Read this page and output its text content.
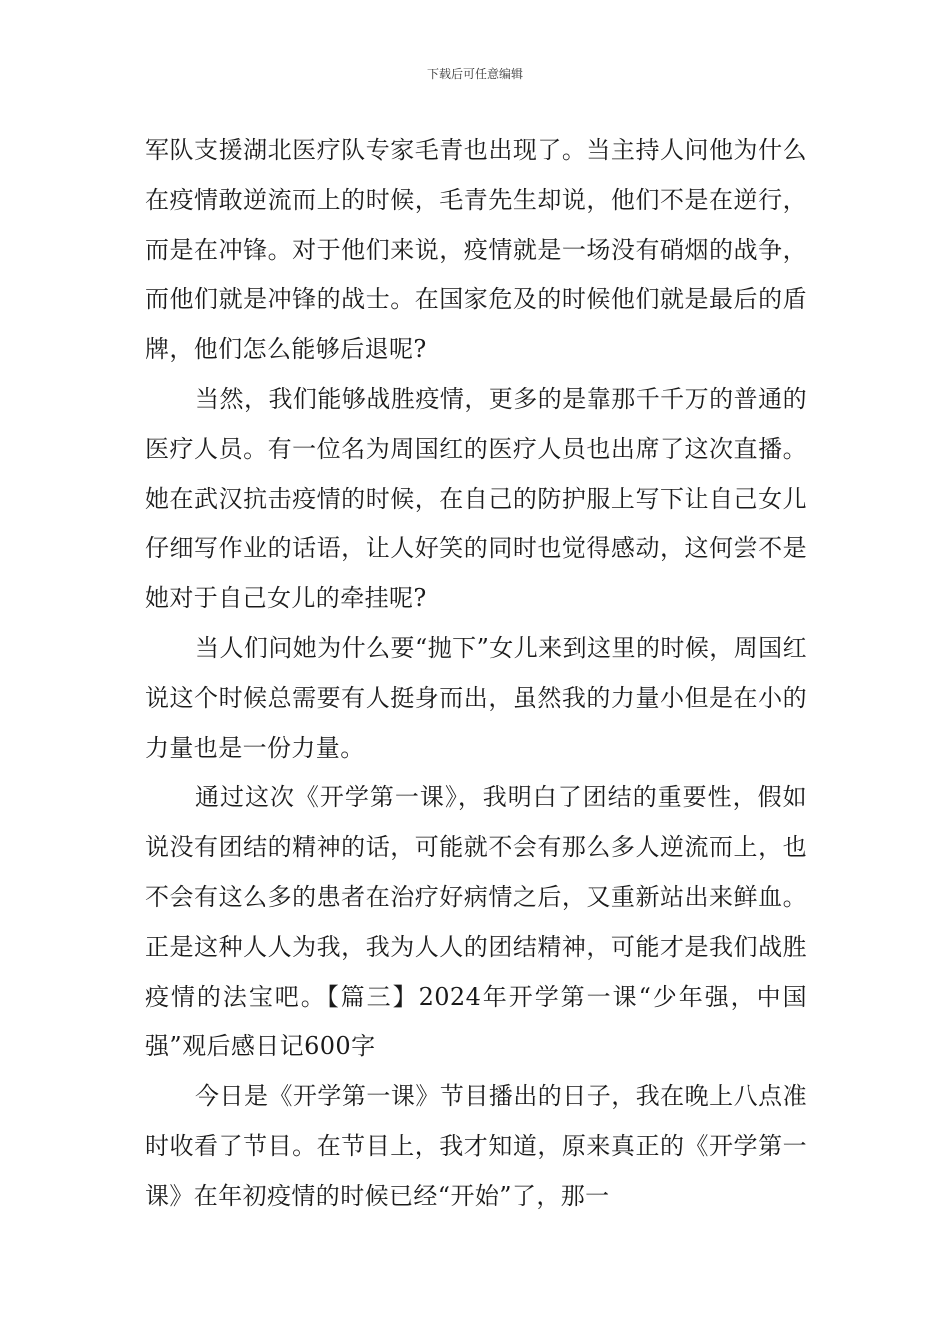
下载后可任意编辑

军队支援湖北医疗队专家毛青也出现了。当主持人问他为什么在疫情敢逆流而上的时候，毛青先生却说，他们不是在逆行，而是在冲锋。对于他们来说，疫情就是一场没有硝烟的战争，而他们就是冲锋的战士。在国家危及的时候他们就是最后的盾牌，他们怎么能够后退呢?

当然，我们能够战胜疫情，更多的是靠那千千万的普通的医疗人员。有一位名为周国红的医疗人员也出席了这次直播。她在武汉抗击疫情的时候，在自己的防护服上写下让自己女儿仔细写作业的话语，让人好笑的同时也觉得感动，这何尝不是她对于自己女儿的牵挂呢?

当人们问她为什么要“抛下”女儿来到这里的时候，周国红说这个时候总需要有人挺身而出，虽然我的力量小但是在小的力量也是一份力量。

通过这次《开学第一课》，我明白了团结的重要性，假如说没有团结的精神的话，可能就不会有那么多人逆流而上，也不会有这么多的患者在治疗好病情之后，又重新站出来鲜血。正是这种人人为我，我为人人的团结精神，可能才是我们战胜疫情的法宝吧。【篇三】2024年开学第一课“少年强，中国强”观后感日记600字

今日是《开学第一课》节目播出的日子，我在晚上八点准时收看了节目。在节目上，我才知道，原来真正的《开学第一课》在年初疫情的时候已经“开始”了，那一
